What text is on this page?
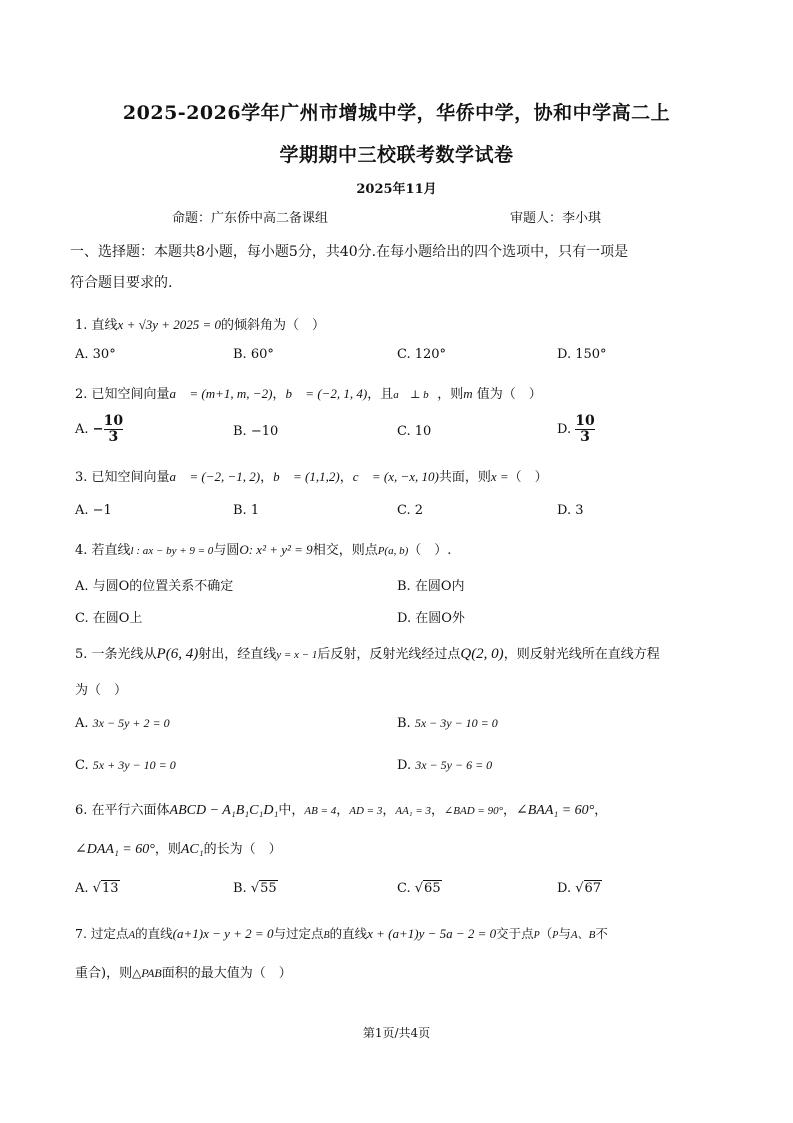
2025-2026学年广州市增城中学，华侨中学，协和中学高二上
学期期中三校联考数学试卷
2025年11月
命题：广东侨中高二备课组	审题人：李小琪
一、选择题：本题共8小题，每小题5分，共40分.在每小题给出的四个选项中，只有一项是
符合题目要求的.
1. 直线x + √3y + 2025 = 0的倾斜角为（　）
A. 30°	B. 60°	C. 120°	D. 150°
2. 已知空间向量a⃗ = (m+1, m, −2)，b⃗ = (−2, 1, 4)，且a⃗ ⊥ b⃗，则m 值为（　）
A. − $\frac{10}{3}$	B. −10	C. 10	D. $\frac{10}{3}$
3. 已知空间向量a⃗ = (−2, −1, 2)，b⃗ = (1,1,2)，c⃗ = (x, −x, 10)共面，则x =（　）
A. −1	B. 1	C. 2	D. 3
4. 若直线l : ax − by + 9 = 0与圆O: x² + y² = 9相交，则点P(a, b)（　）.
A. 与圆O的位置关系不确定	B. 在圆O内
C. 在圆O上	D. 在圆O外
5. 一条光线从P(6, 4)射出，经直线y = x − 1后反射，反射光线经过点Q(2, 0)，则反射光线所在直线方程
为（　）
A. 3x − 5y + 2 = 0	B. 5x − 3y − 10 = 0
C. 5x + 3y − 10 = 0	D. 3x − 5y − 6 = 0
6. 在平行六面体ABCD − A₁B₁C₁D₁中，AB = 4，AD = 3，AA₁ = 3，∠BAD = 90°，∠BAA₁ = 60°，
∠DAA₁ = 60°，则AC₁的长为（　）
A. √13	B. √55	C. √65	D. √67
7. 过定点A的直线(a+1)x − y + 2 = 0与过定点B的直线x + (a+1)y − 5a − 2 = 0交于点P（P与A、B不
重合)，则△PAB面积的最大值为（　）
第1页/共4页
